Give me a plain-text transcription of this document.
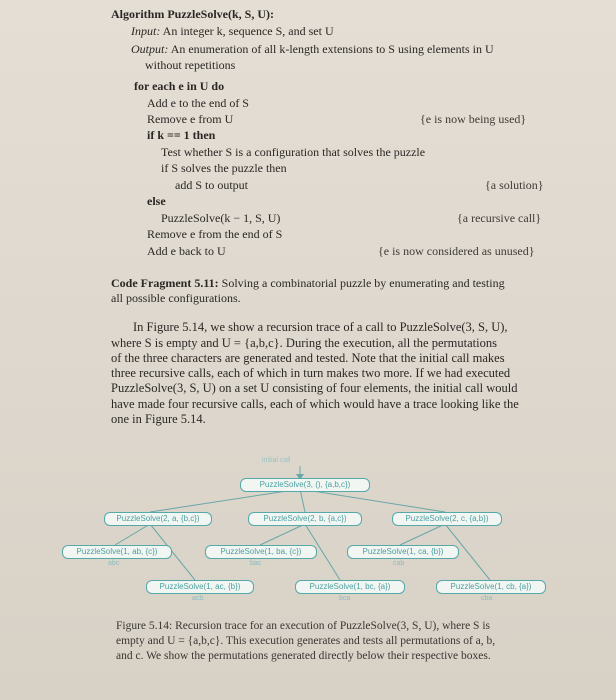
Algorithm PuzzleSolve(k, S, U):
Input: An integer k, sequence S, and set U
Output: An enumeration of all k-length extensions to S using elements in U
without repetitions
for each e in U do
Add e to the end of S
Remove e from U	{e is now being used}
if k == 1 then
Test whether S is a configuration that solves the puzzle
if S solves the puzzle then
add S to output	{a solution}
else
PuzzleSolve(k − 1, S, U)	{a recursive call}
Remove e from the end of S
Add e back to U	{e is now considered as unused}
Code Fragment 5.11: Solving a combinatorial puzzle by enumerating and testing
all possible configurations.
In Figure 5.14, we show a recursion trace of a call to PuzzleSolve(3, S, U),
where S is empty and U = {a,b,c}. During the execution, all the permutations
of the three characters are generated and tested. Note that the initial call makes
three recursive calls, each of which in turn makes two more. If we had executed
PuzzleSolve(3, S, U) on a set U consisting of four elements, the initial call would
have made four recursive calls, each of which would have a trace looking like the
one in Figure 5.14.
initial call
PuzzleSolve(3, (), {a,b,c})
PuzzleSolve(2, a, {b,c})	PuzzleSolve(2, b, {a,c})	PuzzleSolve(2, c, {a,b})
PuzzleSolve(1, ab, {c})
abc
PuzzleSolve(1, ba, {c})
bac
PuzzleSolve(1, ca, {b})
cab
PuzzleSolve(1, ac, {b})
acb
PuzzleSolve(1, bc, {a})
bca
PuzzleSolve(1, cb, {a})
cba
Figure 5.14: Recursion trace for an execution of PuzzleSolve(3, S, U), where S is
empty and U = {a,b,c}. This execution generates and tests all permutations of a, b,
and c. We show the permutations generated directly below their respective boxes.
